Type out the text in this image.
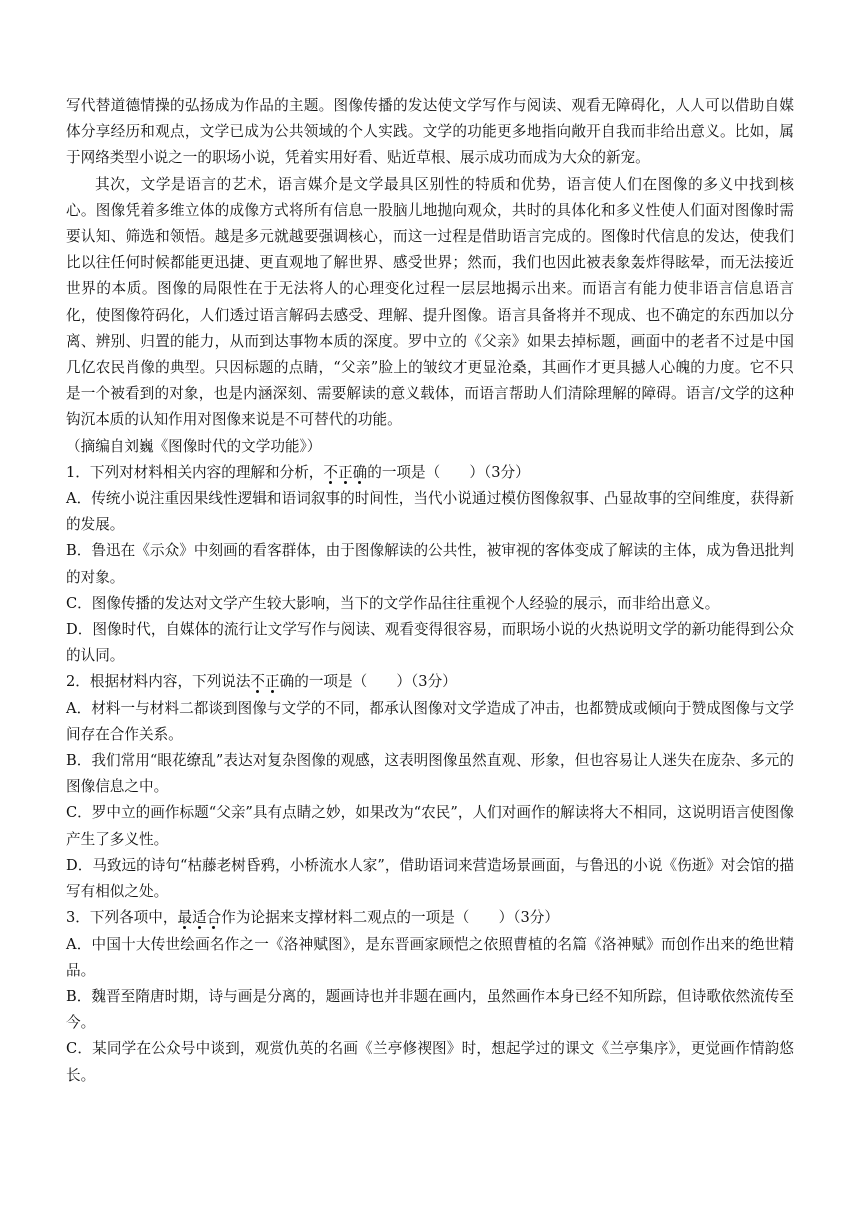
写代替道德情操的弘扬成为作品的主题。图像传播的发达使文学写作与阅读、观看无障碍化，人人可以借助自媒体分享经历和观点，文学已成为公共领域的个人实践。文学的功能更多地指向敞开自我而非给出意义。比如，属于网络类型小说之一的职场小说，凭着实用好看、贴近草根、展示成功而成为大众的新宠。

其次，文学是语言的艺术，语言媒介是文学最具区别性的特质和优势，语言使人们在图像的多义中找到核心。图像凭着多维立体的成像方式将所有信息一股脑儿地抛向观众，共时的具体化和多义性使人们面对图像时需要认知、筛选和领悟。越是多元就越要强调核心，而这一过程是借助语言完成的。图像时代信息的发达，使我们比以往任何时候都能更迅捷、更直观地了解世界、感受世界；然而，我们也因此被表象轰炸得眩晕，而无法接近世界的本质。图像的局限性在于无法将人的心理变化过程一层层地揭示出来。而语言有能力使非语言信息语言化，使图像符码化，人们透过语言解码去感受、理解、提升图像。语言具备将并不现成、也不确定的东西加以分离、辨别、归置的能力，从而到达事物本质的深度。罗中立的《父亲》如果去掉标题，画面中的老者不过是中国几亿农民肖像的典型。只因标题的点睛，“父亲”脸上的皱纹才更显沧桑，其画作才更具撼人心魄的力度。它不只是一个被看到的对象，也是内涵深刻、需要解读的意义载体，而语言帮助人们清除理解的障碍。语言/文学的这种钩沉本质的认知作用对图像来说是不可替代的功能。

（摘编自刘巍《图像时代的文学功能》）

1．下列对材料相关内容的理解和分析，不正确的一项是（　　）（3分）

A．传统小说注重因果线性逻辑和语词叙事的时间性，当代小说通过模仿图像叙事、凸显故事的空间维度，获得新的发展。

B．鲁迅在《示众》中刻画的看客群体，由于图像解读的公共性，被审视的客体变成了解读的主体，成为鲁迅批判的对象。

C．图像传播的发达对文学产生较大影响，当下的文学作品往往重视个人经验的展示，而非给出意义。

D．图像时代，自媒体的流行让文学写作与阅读、观看变得很容易，而职场小说的火热说明文学的新功能得到公众的认同。

2．根据材料内容，下列说法不正确的一项是（　　）（3分）

A．材料一与材料二都谈到图像与文学的不同，都承认图像对文学造成了冲击，也都赞成或倾向于赞成图像与文学间存在合作关系。

B．我们常用“眼花缭乱”表达对复杂图像的观感，这表明图像虽然直观、形象，但也容易让人迷失在庞杂、多元的图像信息之中。

C．罗中立的画作标题“父亲”具有点睛之妙，如果改为“农民”，人们对画作的解读将大不相同，这说明语言使图像产生了多义性。

D．马致远的诗句“枯藤老树昏鸦，小桥流水人家”，借助语词来营造场景画面，与鲁迅的小说《伤逝》对会馆的描写有相似之处。

3．下列各项中，最适合作为论据来支撑材料二观点的一项是（　　）（3分）

A．中国十大传世绘画名作之一《洛神赋图》，是东晋画家顾恺之依照曹植的名篇《洛神赋》而创作出来的绝世精品。

B．魏晋至隋唐时期，诗与画是分离的，题画诗也并非题在画内，虽然画作本身已经不知所踪，但诗歌依然流传至今。

C．某同学在公众号中谈到，观赏仇英的名画《兰亭修禊图》时，想起学过的课文《兰亭集序》，更觉画作情韵悠长。
